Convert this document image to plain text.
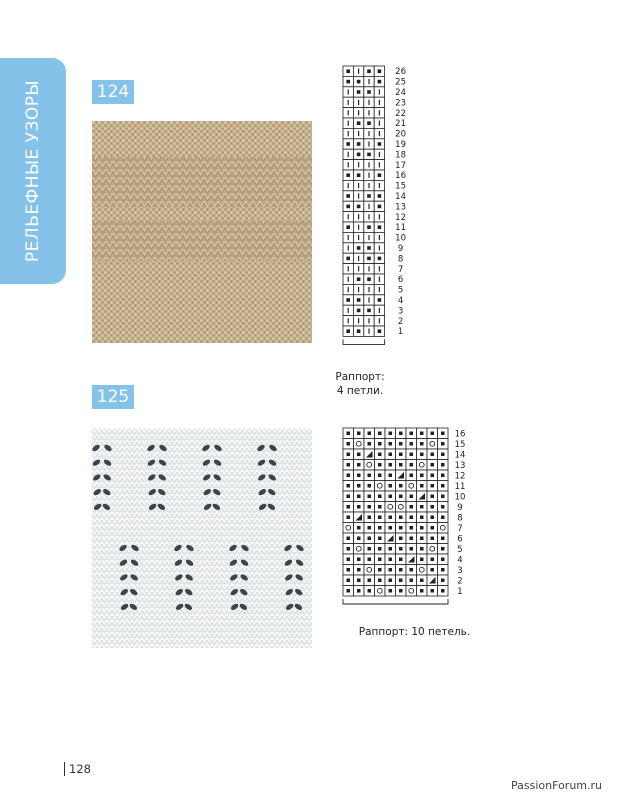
РЕЛЬЕФНЫЕ УЗОРЫ	124
26
25
24
23
22
21
20
19
18
17
16
15
14
13
12
11
10
9
8
7
6
5
4
3
2
1
Раппорт:
4 петли.
125
16
15
14
13
12
11
10
9
8
7
6
5
4
3
2
1
Раппорт: 10 петель.
128
PassionForum.ru
